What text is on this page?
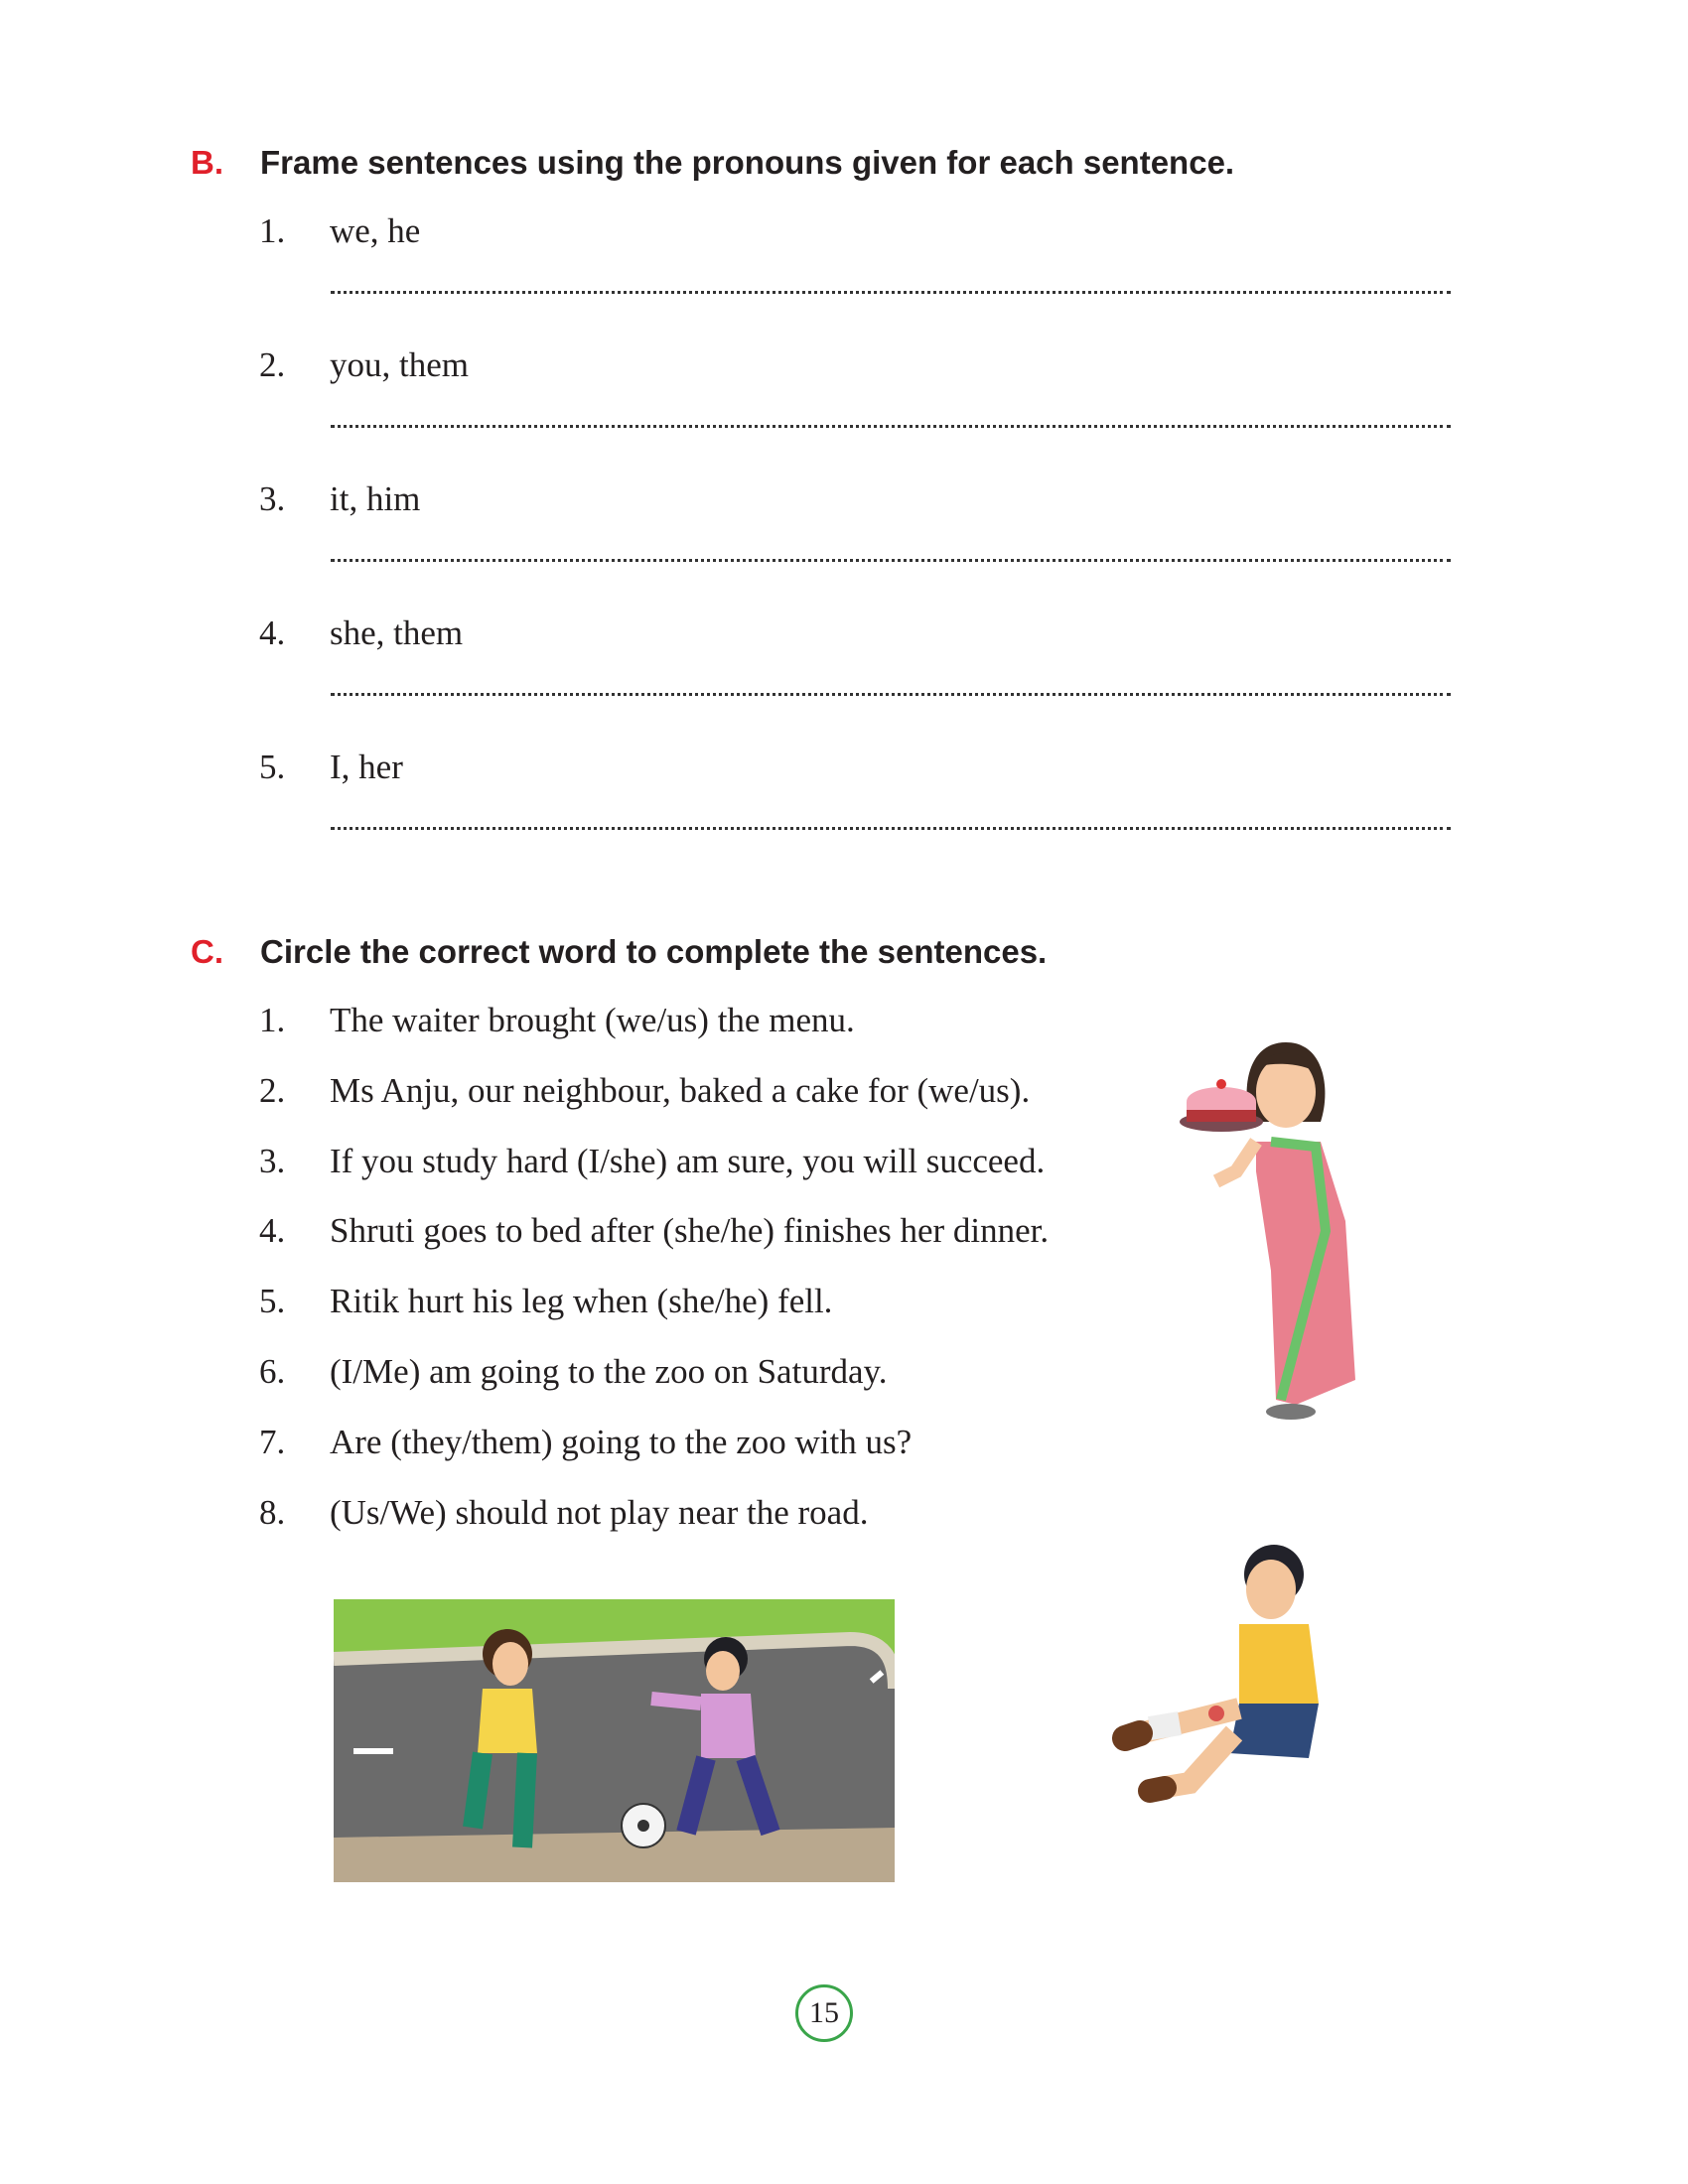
B. Frame sentences using the pronouns given for each sentence.
1. we, he
2. you, them
3. it, him
4. she, them
5. I, her
C. Circle the correct word to complete the sentences.
1. The waiter brought (we/us) the menu.
2. Ms Anju, our neighbour, baked a cake for (we/us).
3. If you study hard (I/she) am sure, you will succeed.
4. Shruti goes to bed after (she/he) finishes her dinner.
5. Ritik hurt his leg when (she/he) fell.
6. (I/Me) am going to the zoo on Saturday.
7. Are (they/them) going to the zoo with us?
8. (Us/We) should not play near the road.
15
